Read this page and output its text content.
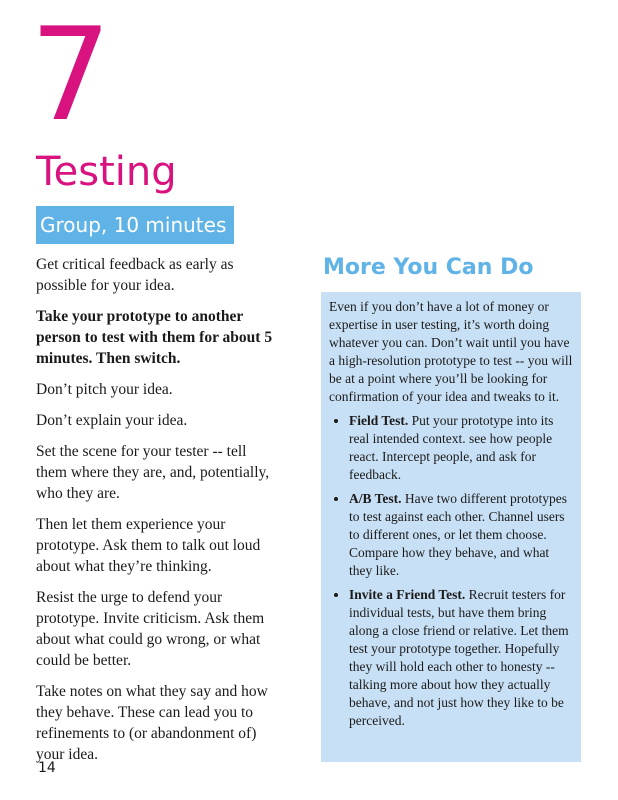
7
Testing
Group, 10 minutes

Get critical feedback as early as possible for your idea.

Take your prototype to another person to test with them for about 5 minutes. Then switch.

Don’t pitch your idea.

Don’t explain your idea.

Set the scene for your tester -- tell them where they are, and, potentially, who they are.

Then let them experience your prototype. Ask them to talk out loud about what they’re thinking.

Resist the urge to defend your prototype. Invite criticism. Ask them about what could go wrong, or what could be better.

Take notes on what they say and how they behave. These can lead you to refinements to (or abandonment of) your idea.

14
More You Can Do

Even if you don’t have a lot of money or expertise in user testing, it’s worth doing whatever you can. Don’t wait until you have a high-resolution prototype to test -- you will be at a point where you’ll be looking for confirmation of your idea and tweaks to it.

• Field Test. Put your prototype into its real intended context. see how people react. Intercept people, and ask for feedback.
• A/B Test. Have two different prototypes to test against each other. Channel users to different ones, or let them choose. Compare how they behave, and what they like.
• Invite a Friend Test. Recruit testers for individual tests, but have them bring along a close friend or relative. Let them test your prototype together. Hopefully they will hold each other to honesty -- talking more about how they actually behave, and not just how they like to be perceived.
